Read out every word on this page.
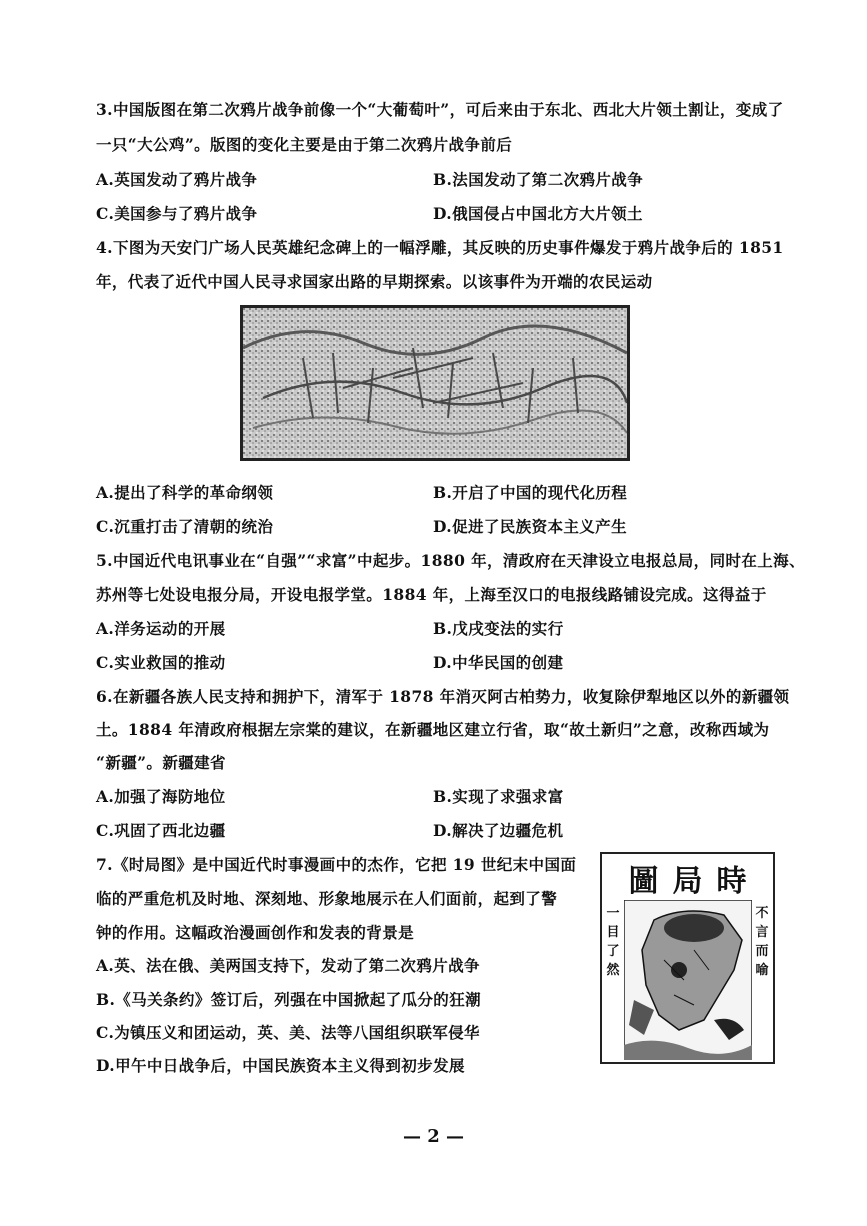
3.中国版图在第二次鸦片战争前像一个“大葡萄叶”，可后来由于东北、西北大片领土割让，变成了
一只“大公鸡”。版图的变化主要是由于第二次鸦片战争前后
A.英国发动了鸦片战争	B.法国发动了第二次鸦片战争
C.美国参与了鸦片战争	D.俄国侵占中国北方大片领土
4.下图为天安门广场人民英雄纪念碑上的一幅浮雕，其反映的历史事件爆发于鸦片战争后的 1851
年，代表了近代中国人民寻求国家出路的早期探索。以该事件为开端的农民运动
A.提出了科学的革命纲领	B.开启了中国的现代化历程
C.沉重打击了清朝的统治	D.促进了民族资本主义产生
5.中国近代电讯事业在“自强”“求富”中起步。1880 年，清政府在天津设立电报总局，同时在上海、
苏州等七处设电报分局，开设电报学堂。1884 年，上海至汉口的电报线路铺设完成。这得益于
A.洋务运动的开展	B.戊戌变法的实行
C.实业救国的推动	D.中华民国的创建
6.在新疆各族人民支持和拥护下，清军于 1878 年消灭阿古柏势力，收复除伊犁地区以外的新疆领
土。1884 年清政府根据左宗棠的建议，在新疆地区建立行省，取“故土新归”之意，改称西域为
“新疆”。新疆建省
A.加强了海防地位	B.实现了求强求富
C.巩固了西北边疆	D.解决了边疆危机
7.《时局图》是中国近代时事漫画中的杰作，它把 19 世纪末中国面
临的严重危机及时地、深刻地、形象地展示在人们面前，起到了警
钟的作用。这幅政治漫画创作和发表的背景是
A.英、法在俄、美两国支持下，发动了第二次鸦片战争
B.《马关条约》签订后，列强在中国掀起了瓜分的狂潮
C.为镇压义和团运动，英、美、法等八国组织联军侵华
D.甲午中日战争后，中国民族资本主义得到初步发展
圖局時
一
目
了
然
不
言
而
喻
— 2 —
